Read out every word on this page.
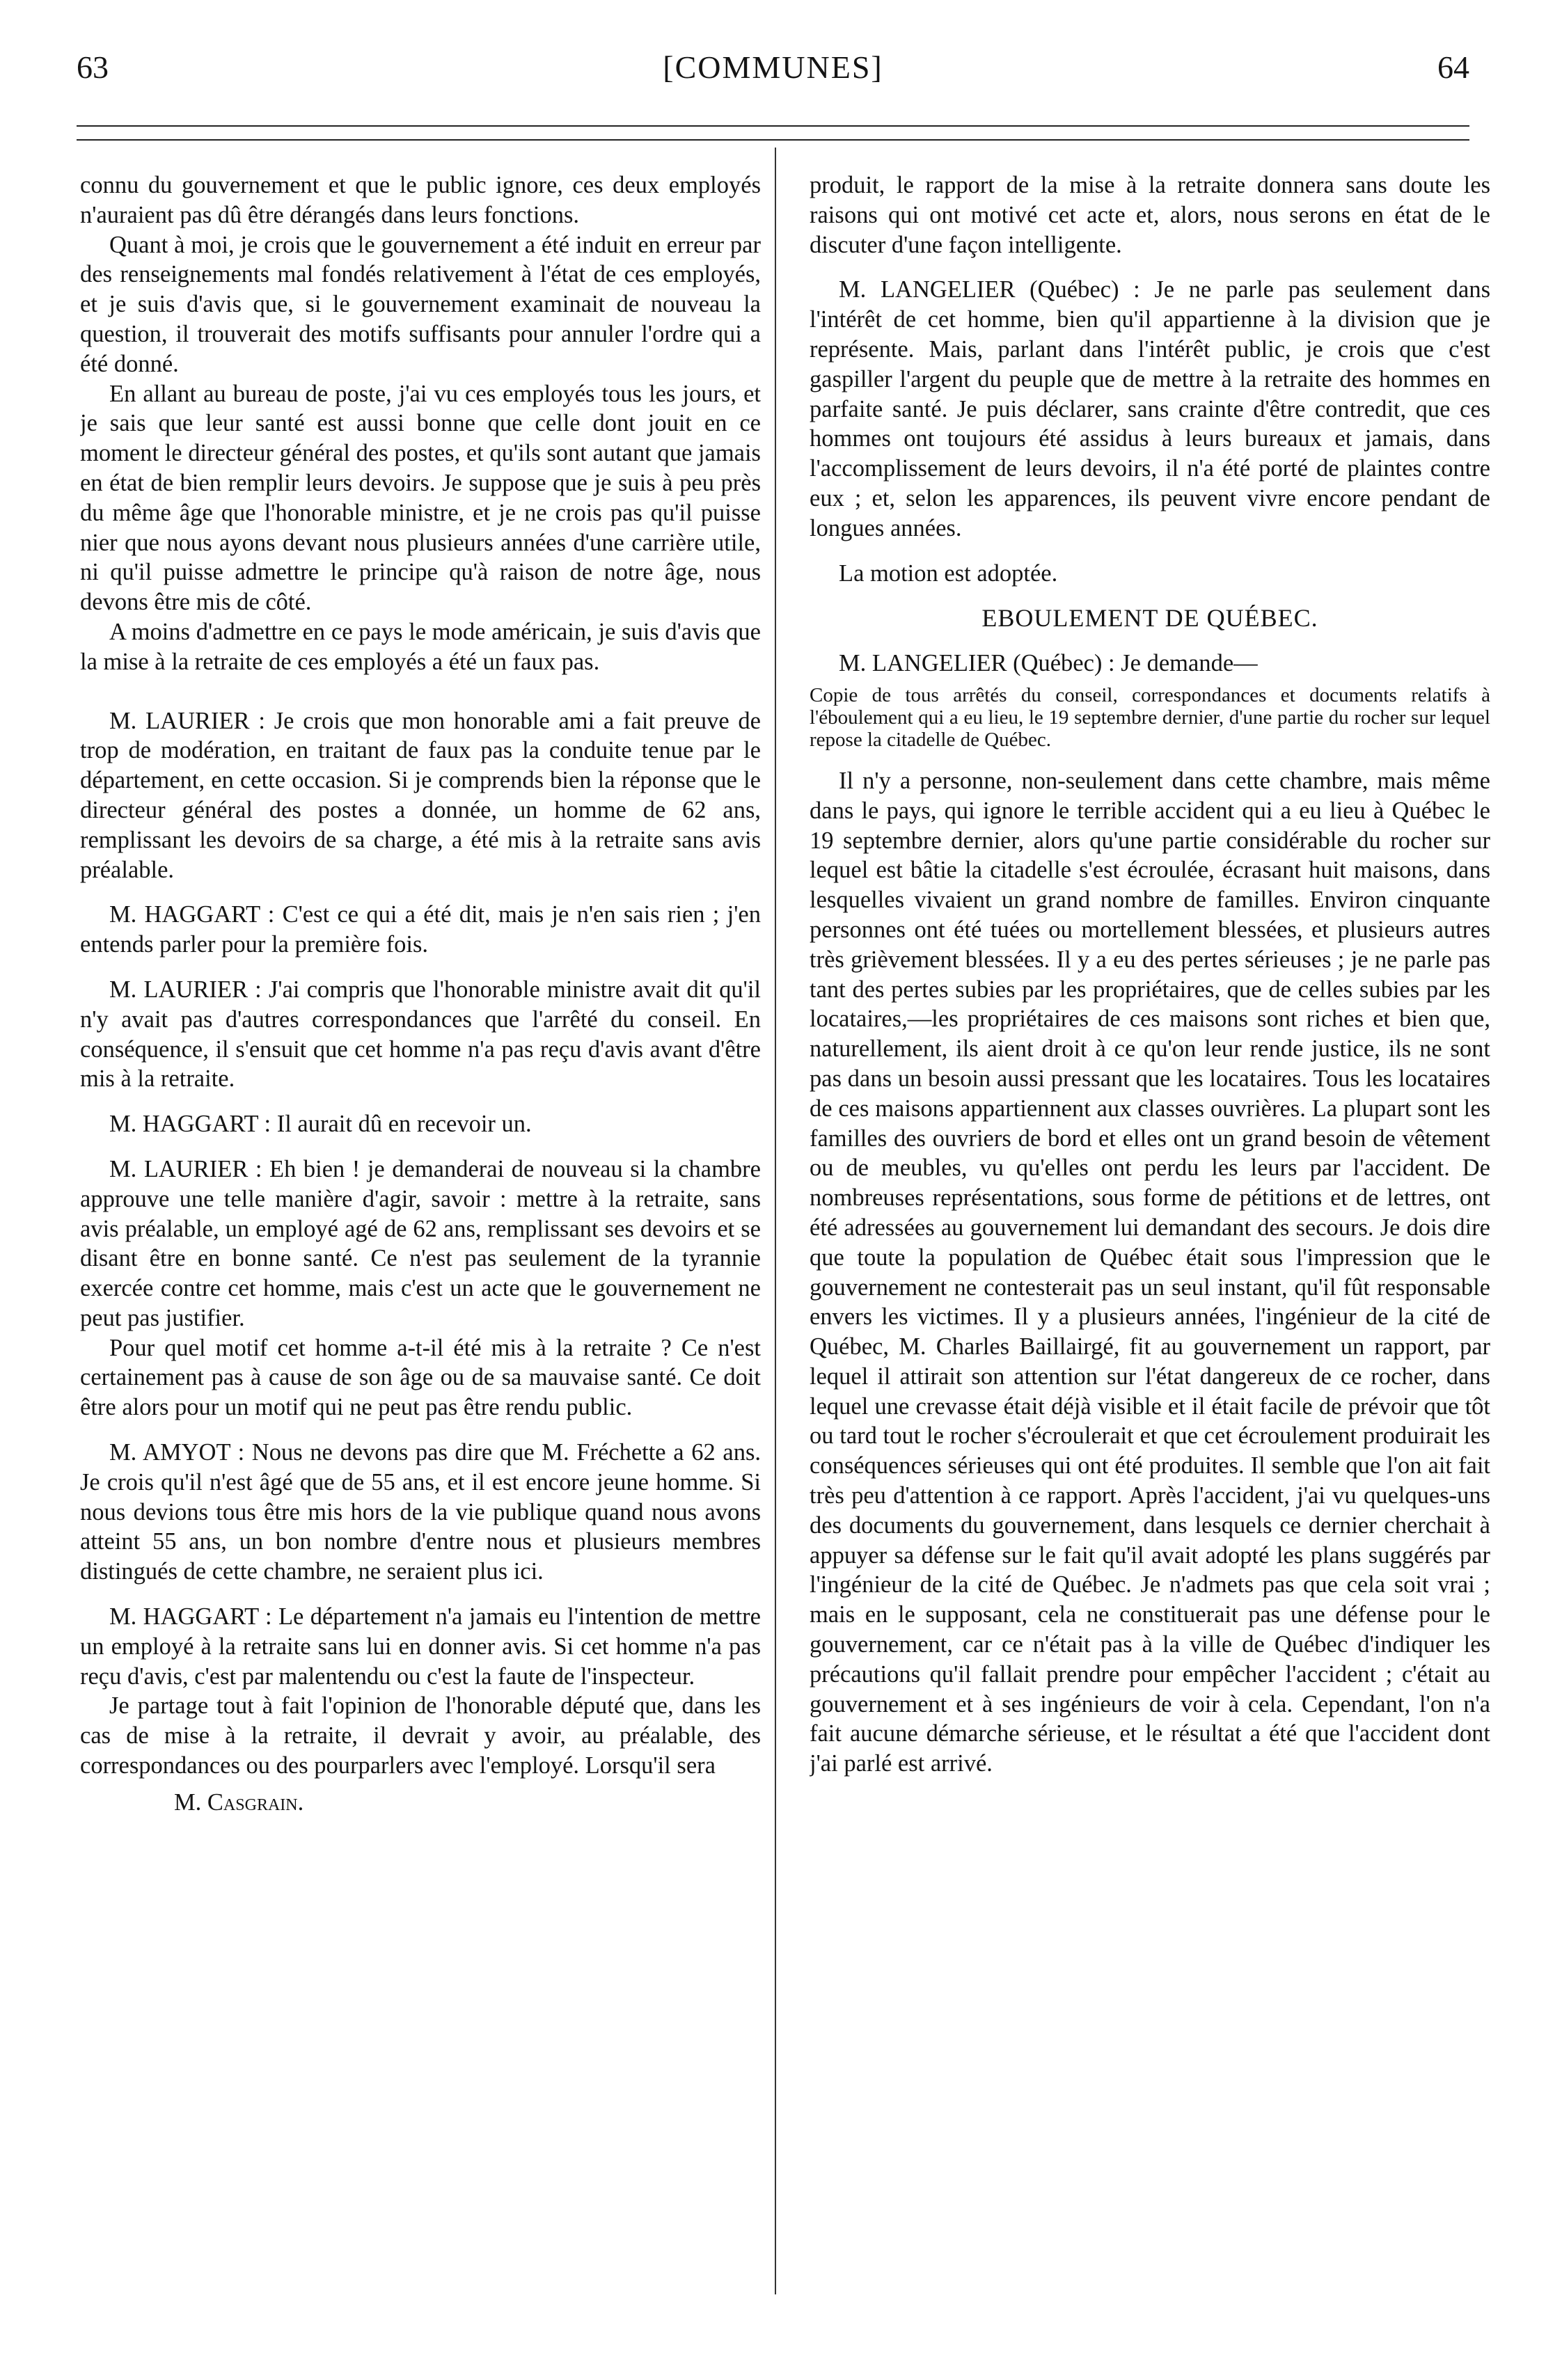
63	[COMMUNES]	64

connu du gouvernement et que le public ignore, ces deux employés n'auraient pas dû être dérangés dans leurs fonctions.

Quant à moi, je crois que le gouvernement a été induit en erreur par des renseignements mal fondés relativement à l'état de ces employés, et je suis d'avis que, si le gouvernement examinait de nouveau la question, il trouverait des motifs suffisants pour annuler l'ordre qui a été donné.

En allant au bureau de poste, j'ai vu ces employés tous les jours, et je sais que leur santé est aussi bonne que celle dont jouit en ce moment le directeur général des postes, et qu'ils sont autant que jamais en état de bien remplir leurs devoirs. Je suppose que je suis à peu près du même âge que l'honorable ministre, et je ne crois pas qu'il puisse nier que nous ayons devant nous plusieurs années d'une carrière utile, ni qu'il puisse admettre le principe qu'à raison de notre âge, nous devons être mis de côté.

A moins d'admettre en ce pays le mode américain, je suis d'avis que la mise à la retraite de ces employés a été un faux pas.

M. LAURIER : Je crois que mon honorable ami a fait preuve de trop de modération, en traitant de faux pas la conduite tenue par le département, en cette occasion. Si je comprends bien la réponse que le directeur général des postes a donnée, un homme de 62 ans, remplissant les devoirs de sa charge, a été mis à la retraite sans avis préalable.

M. HAGGART : C'est ce qui a été dit, mais je n'en sais rien ; j'en entends parler pour la première fois.

M. LAURIER : J'ai compris que l'honorable ministre avait dit qu'il n'y avait pas d'autres correspondances que l'arrêté du conseil. En conséquence, il s'ensuit que cet homme n'a pas reçu d'avis avant d'être mis à la retraite.

M. HAGGART : Il aurait dû en recevoir un.

M. LAURIER : Eh bien ! je demanderai de nouveau si la chambre approuve une telle manière d'agir, savoir : mettre à la retraite, sans avis préalable, un employé agé de 62 ans, remplissant ses devoirs et se disant être en bonne santé. Ce n'est pas seulement de la tyrannie exercée contre cet homme, mais c'est un acte que le gouvernement ne peut pas justifier.

Pour quel motif cet homme a-t-il été mis à la retraite ? Ce n'est certainement pas à cause de son âge ou de sa mauvaise santé. Ce doit être alors pour un motif qui ne peut pas être rendu public.

M. AMYOT : Nous ne devons pas dire que M. Fréchette a 62 ans. Je crois qu'il n'est âgé que de 55 ans, et il est encore jeune homme. Si nous devions tous être mis hors de la vie publique quand nous avons atteint 55 ans, un bon nombre d'entre nous et plusieurs membres distingués de cette chambre, ne seraient plus ici.

M. HAGGART : Le département n'a jamais eu l'intention de mettre un employé à la retraite sans lui en donner avis. Si cet homme n'a pas reçu d'avis, c'est par malentendu ou c'est la faute de l'inspecteur.

Je partage tout à fait l'opinion de l'honorable député que, dans les cas de mise à la retraite, il devrait y avoir, au préalable, des correspondances ou des pourparlers avec l'employé. Lorsqu'il sera

M. Casgrain.

produit, le rapport de la mise à la retraite donnera sans doute les raisons qui ont motivé cet acte et, alors, nous serons en état de le discuter d'une façon intelligente.

M. LANGELIER (Québec) : Je ne parle pas seulement dans l'intérêt de cet homme, bien qu'il appartienne à la division que je représente. Mais, parlant dans l'intérêt public, je crois que c'est gaspiller l'argent du peuple que de mettre à la retraite des hommes en parfaite santé. Je puis déclarer, sans crainte d'être contredit, que ces hommes ont toujours été assidus à leurs bureaux et jamais, dans l'accomplissement de leurs devoirs, il n'a été porté de plaintes contre eux ; et, selon les apparences, ils peuvent vivre encore pendant de longues années.

La motion est adoptée.

EBOULEMENT DE QUÉBEC.

M. LANGELIER (Québec) : Je demande—

Copie de tous arrêtés du conseil, correspondances et documents relatifs à l'éboulement qui a eu lieu, le 19 septembre dernier, d'une partie du rocher sur lequel repose la citadelle de Québec.

Il n'y a personne, non-seulement dans cette chambre, mais même dans le pays, qui ignore le terrible accident qui a eu lieu à Québec le 19 septembre dernier, alors qu'une partie considérable du rocher sur lequel est bâtie la citadelle s'est écroulée, écrasant huit maisons, dans lesquelles vivaient un grand nombre de familles. Environ cinquante personnes ont été tuées ou mortellement blessées, et plusieurs autres très grièvement blessées. Il y a eu des pertes sérieuses ; je ne parle pas tant des pertes subies par les propriétaires, que de celles subies par les locataires,—les propriétaires de ces maisons sont riches et bien que, naturellement, ils aient droit à ce qu'on leur rende justice, ils ne sont pas dans un besoin aussi pressant que les locataires. Tous les locataires de ces maisons appartiennent aux classes ouvrières. La plupart sont les familles des ouvriers de bord et elles ont un grand besoin de vêtement ou de meubles, vu qu'elles ont perdu les leurs par l'accident. De nombreuses représentations, sous forme de pétitions et de lettres, ont été adressées au gouvernement lui demandant des secours. Je dois dire que toute la population de Québec était sous l'impression que le gouvernement ne contesterait pas un seul instant, qu'il fût responsable envers les victimes. Il y a plusieurs années, l'ingénieur de la cité de Québec, M. Charles Baillairgé, fit au gouvernement un rapport, par lequel il attirait son attention sur l'état dangereux de ce rocher, dans lequel une crevasse était déjà visible et il était facile de prévoir que tôt ou tard tout le rocher s'écroulerait et que cet écroulement produirait les conséquences sérieuses qui ont été produites. Il semble que l'on ait fait très peu d'attention à ce rapport. Après l'accident, j'ai vu quelques-uns des documents du gouvernement, dans lesquels ce dernier cherchait à appuyer sa défense sur le fait qu'il avait adopté les plans suggérés par l'ingénieur de la cité de Québec. Je n'admets pas que cela soit vrai ; mais en le supposant, cela ne constituerait pas une défense pour le gouvernement, car ce n'était pas à la ville de Québec d'indiquer les précautions qu'il fallait prendre pour empêcher l'accident ; c'était au gouvernement et à ses ingénieurs de voir à cela. Cependant, l'on n'a fait aucune démarche sérieuse, et le résultat a été que l'accident dont j'ai parlé est arrivé.
